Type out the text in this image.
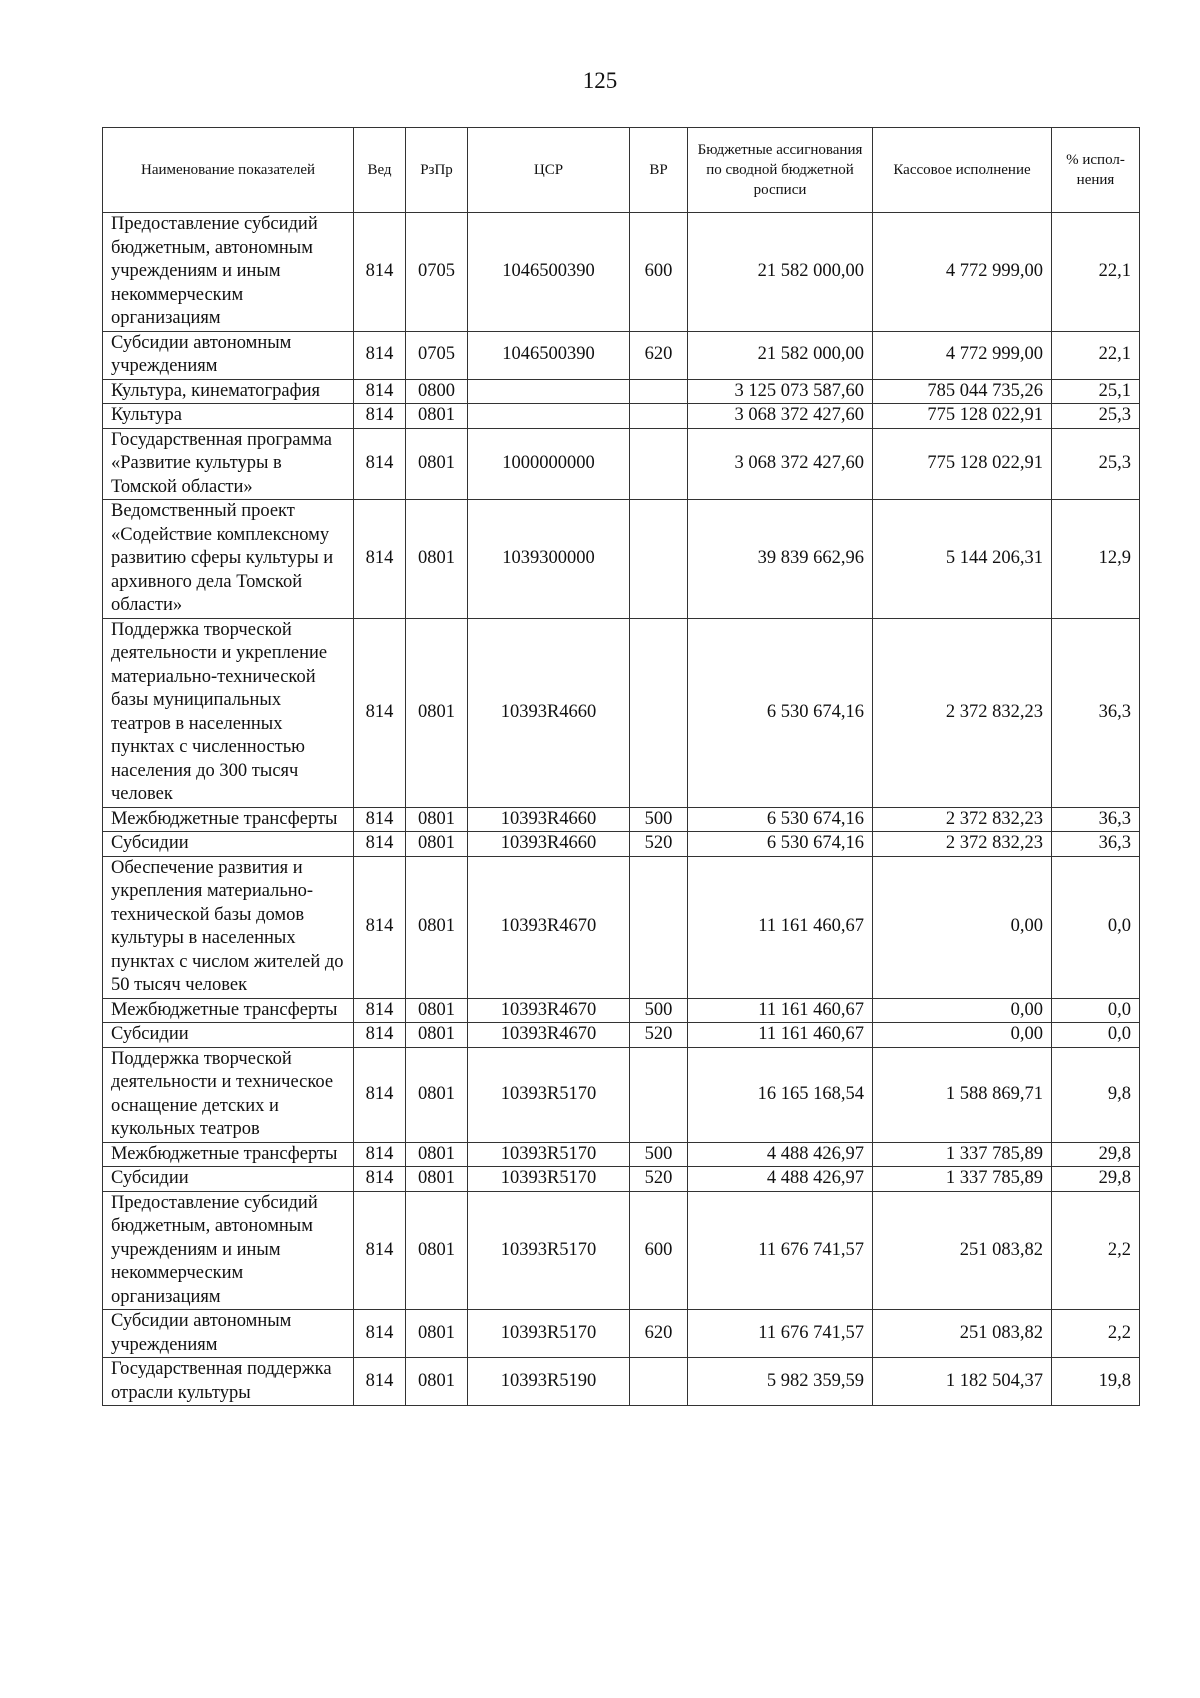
125
Наименование показателей	Вед	РзПр	ЦСР	ВР	Бюджетные ассигнования по сводной бюджетной росписи	Кассовое исполнение	% испол- нения
Предоставление субсидий бюджетным, автономным учреждениям и иным некоммерческим организациям	814	0705	1046500390	600	21 582 000,00	4 772 999,00	22,1
Субсидии автономным учреждениям	814	0705	1046500390	620	21 582 000,00	4 772 999,00	22,1
Культура, кинематография	814	0800			3 125 073 587,60	785 044 735,26	25,1
Культура	814	0801			3 068 372 427,60	775 128 022,91	25,3
Государственная программа «Развитие культуры в Томской области»	814	0801	1000000000		3 068 372 427,60	775 128 022,91	25,3
Ведомственный проект «Содействие комплексному развитию сферы культуры и архивного дела Томской области»	814	0801	1039300000		39 839 662,96	5 144 206,31	12,9
Поддержка творческой деятельности и укрепление материально-технической базы муниципальных театров в населенных пунктах с численностью населения до 300 тысяч человек	814	0801	10393R4660		6 530 674,16	2 372 832,23	36,3
Межбюджетные трансферты	814	0801	10393R4660	500	6 530 674,16	2 372 832,23	36,3
Субсидии	814	0801	10393R4660	520	6 530 674,16	2 372 832,23	36,3
Обеспечение развития и укрепления материально-технической базы домов культуры в населенных пунктах с числом жителей до 50 тысяч человек	814	0801	10393R4670		11 161 460,67	0,00	0,0
Межбюджетные трансферты	814	0801	10393R4670	500	11 161 460,67	0,00	0,0
Субсидии	814	0801	10393R4670	520	11 161 460,67	0,00	0,0
Поддержка творческой деятельности и техническое оснащение детских и кукольных театров	814	0801	10393R5170		16 165 168,54	1 588 869,71	9,8
Межбюджетные трансферты	814	0801	10393R5170	500	4 488 426,97	1 337 785,89	29,8
Субсидии	814	0801	10393R5170	520	4 488 426,97	1 337 785,89	29,8
Предоставление субсидий бюджетным, автономным учреждениям и иным некоммерческим организациям	814	0801	10393R5170	600	11 676 741,57	251 083,82	2,2
Субсидии автономным учреждениям	814	0801	10393R5170	620	11 676 741,57	251 083,82	2,2
Государственная поддержка отрасли культуры	814	0801	10393R5190		5 982 359,59	1 182 504,37	19,8
